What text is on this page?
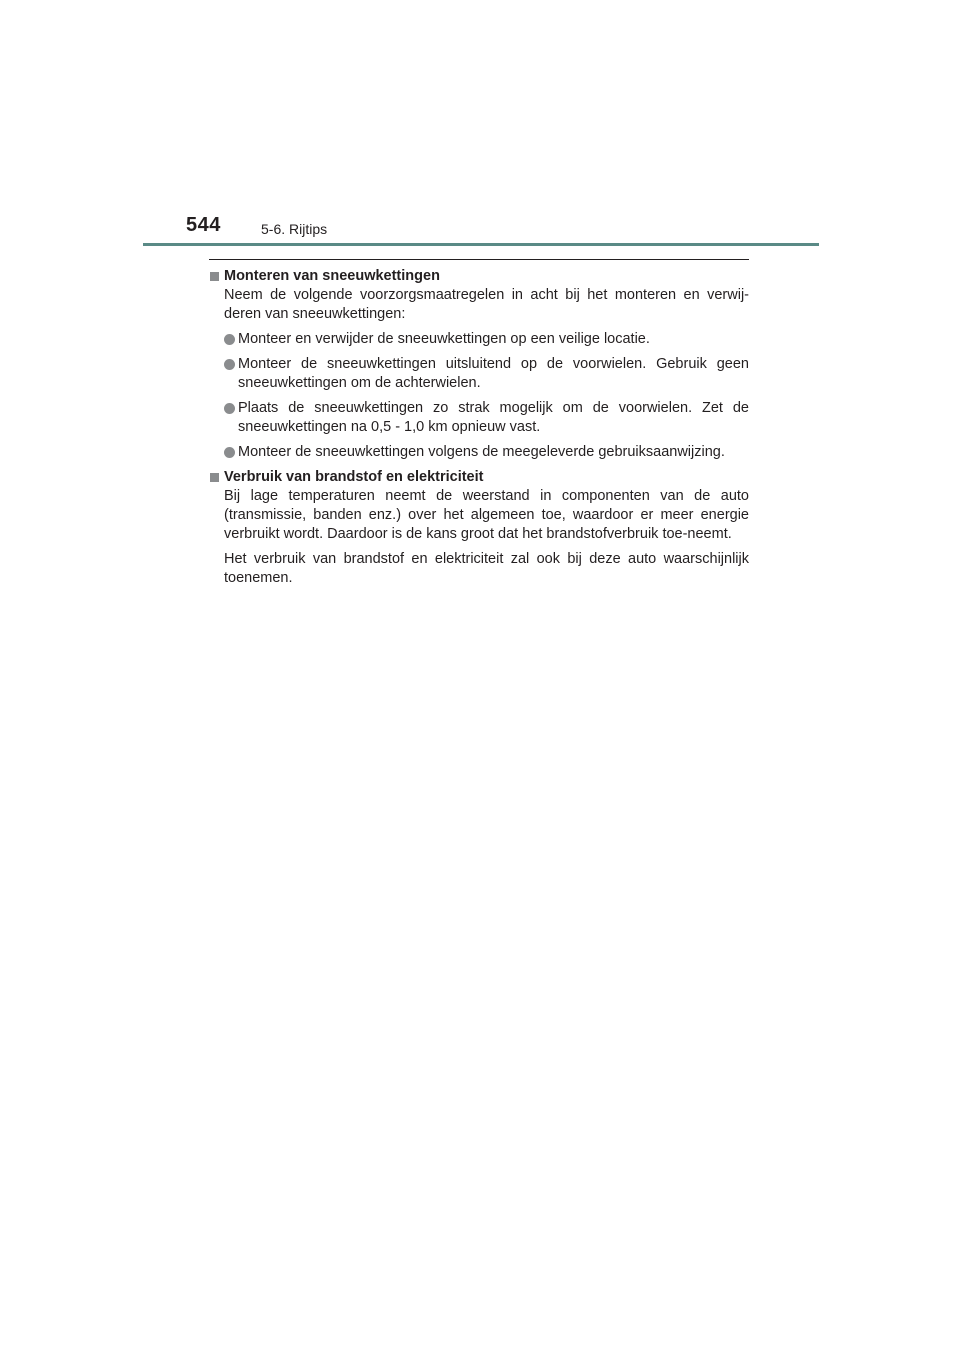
544	5-6. Rijtips
Monteren van sneeuwkettingen

Neem de volgende voorzorgsmaatregelen in acht bij het monteren en verwij-deren van sneeuwkettingen:

Monteer en verwijder de sneeuwkettingen op een veilige locatie.
Monteer de sneeuwkettingen uitsluitend op de voorwielen. Gebruik geen sneeuwkettingen om de achterwielen.
Plaats de sneeuwkettingen zo strak mogelijk om de voorwielen. Zet de sneeuwkettingen na 0,5 - 1,0 km opnieuw vast.
Monteer de sneeuwkettingen volgens de meegeleverde gebruiksaanwijzing.
Verbruik van brandstof en elektriciteit

Bij lage temperaturen neemt de weerstand in componenten van de auto (transmissie, banden enz.) over het algemeen toe, waardoor er meer energie verbruikt wordt. Daardoor is de kans groot dat het brandstofverbruik toe-neemt.

Het verbruik van brandstof en elektriciteit zal ook bij deze auto waarschijnlijk toenemen.
